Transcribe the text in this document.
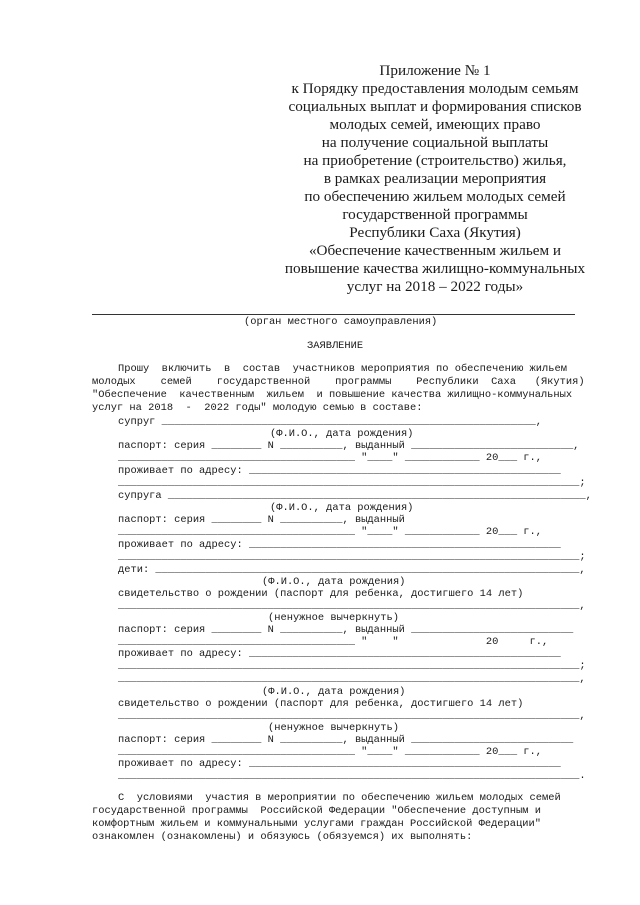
Приложение № 1
к Порядку предоставления молодым семьям
социальных выплат и формирования списков
молодых семей, имеющих право
на получение социальной выплаты
на приобретение (строительство) жилья,
в рамках реализации мероприятия
по обеспечению жильем молодых семей
государственной программы
Республики Саха (Якутия)
«Обеспечение качественным жильем и
повышение качества жилищно-коммунальных
услуг на 2018 – 2022 годы»
(орган местного самоуправления)
ЗАЯВЛЕНИЕ
Прошу  включить  в  состав  участников мероприятия по обеспечению жильем
молодых    семей    государственной    программы    Республики  Саха   (Якутия)
"Обеспечение  качественным  жильем  и повышение качества жилищно-коммунальных
услуг на 2018  -  2022 годы" молодую семью в составе:
супруг ____________________________________________________________,
(Ф.И.О., дата рождения)
паспорт: серия ________ N __________, выданный __________________________,
______________________________________ "____" ____________ 20___ г.,
проживает по адресу: __________________________________________________
__________________________________________________________________________;
супруга ___________________________________________________________________,
(Ф.И.О., дата рождения)
паспорт: серия ________ N __________, выданный
______________________________________ "____" ____________ 20___ г.,
проживает по адресу: __________________________________________________
__________________________________________________________________________;
дети: ____________________________________________________________________,
(Ф.И.О., дата рождения)
свидетельство о рождении (паспорт для ребенка, достигшего 14 лет)
__________________________________________________________________________,
(ненужное вычеркнуть)
паспорт: серия ________ N __________, выданный __________________________
______________________________________ "    "              20     г.,
проживает по адресу: __________________________________________________
__________________________________________________________________________;
__________________________________________________________________________,
(Ф.И.О., дата рождения)
свидетельство о рождении (паспорт для ребенка, достигшего 14 лет)
__________________________________________________________________________,
(ненужное вычеркнуть)
паспорт: серия ________ N __________, выданный __________________________
______________________________________ "____" ____________ 20___ г.,
проживает по адресу: __________________________________________________
__________________________________________________________________________.
С  условиями  участия в мероприятии по обеспечению жильем молодых семей
государственной программы  Российской Федерации "Обеспечение доступным и
комфортным жильем и коммунальными услугами граждан Российской Федерации"
ознакомлен (ознакомлены) и обязуюсь (обязуемся) их выполнять:
